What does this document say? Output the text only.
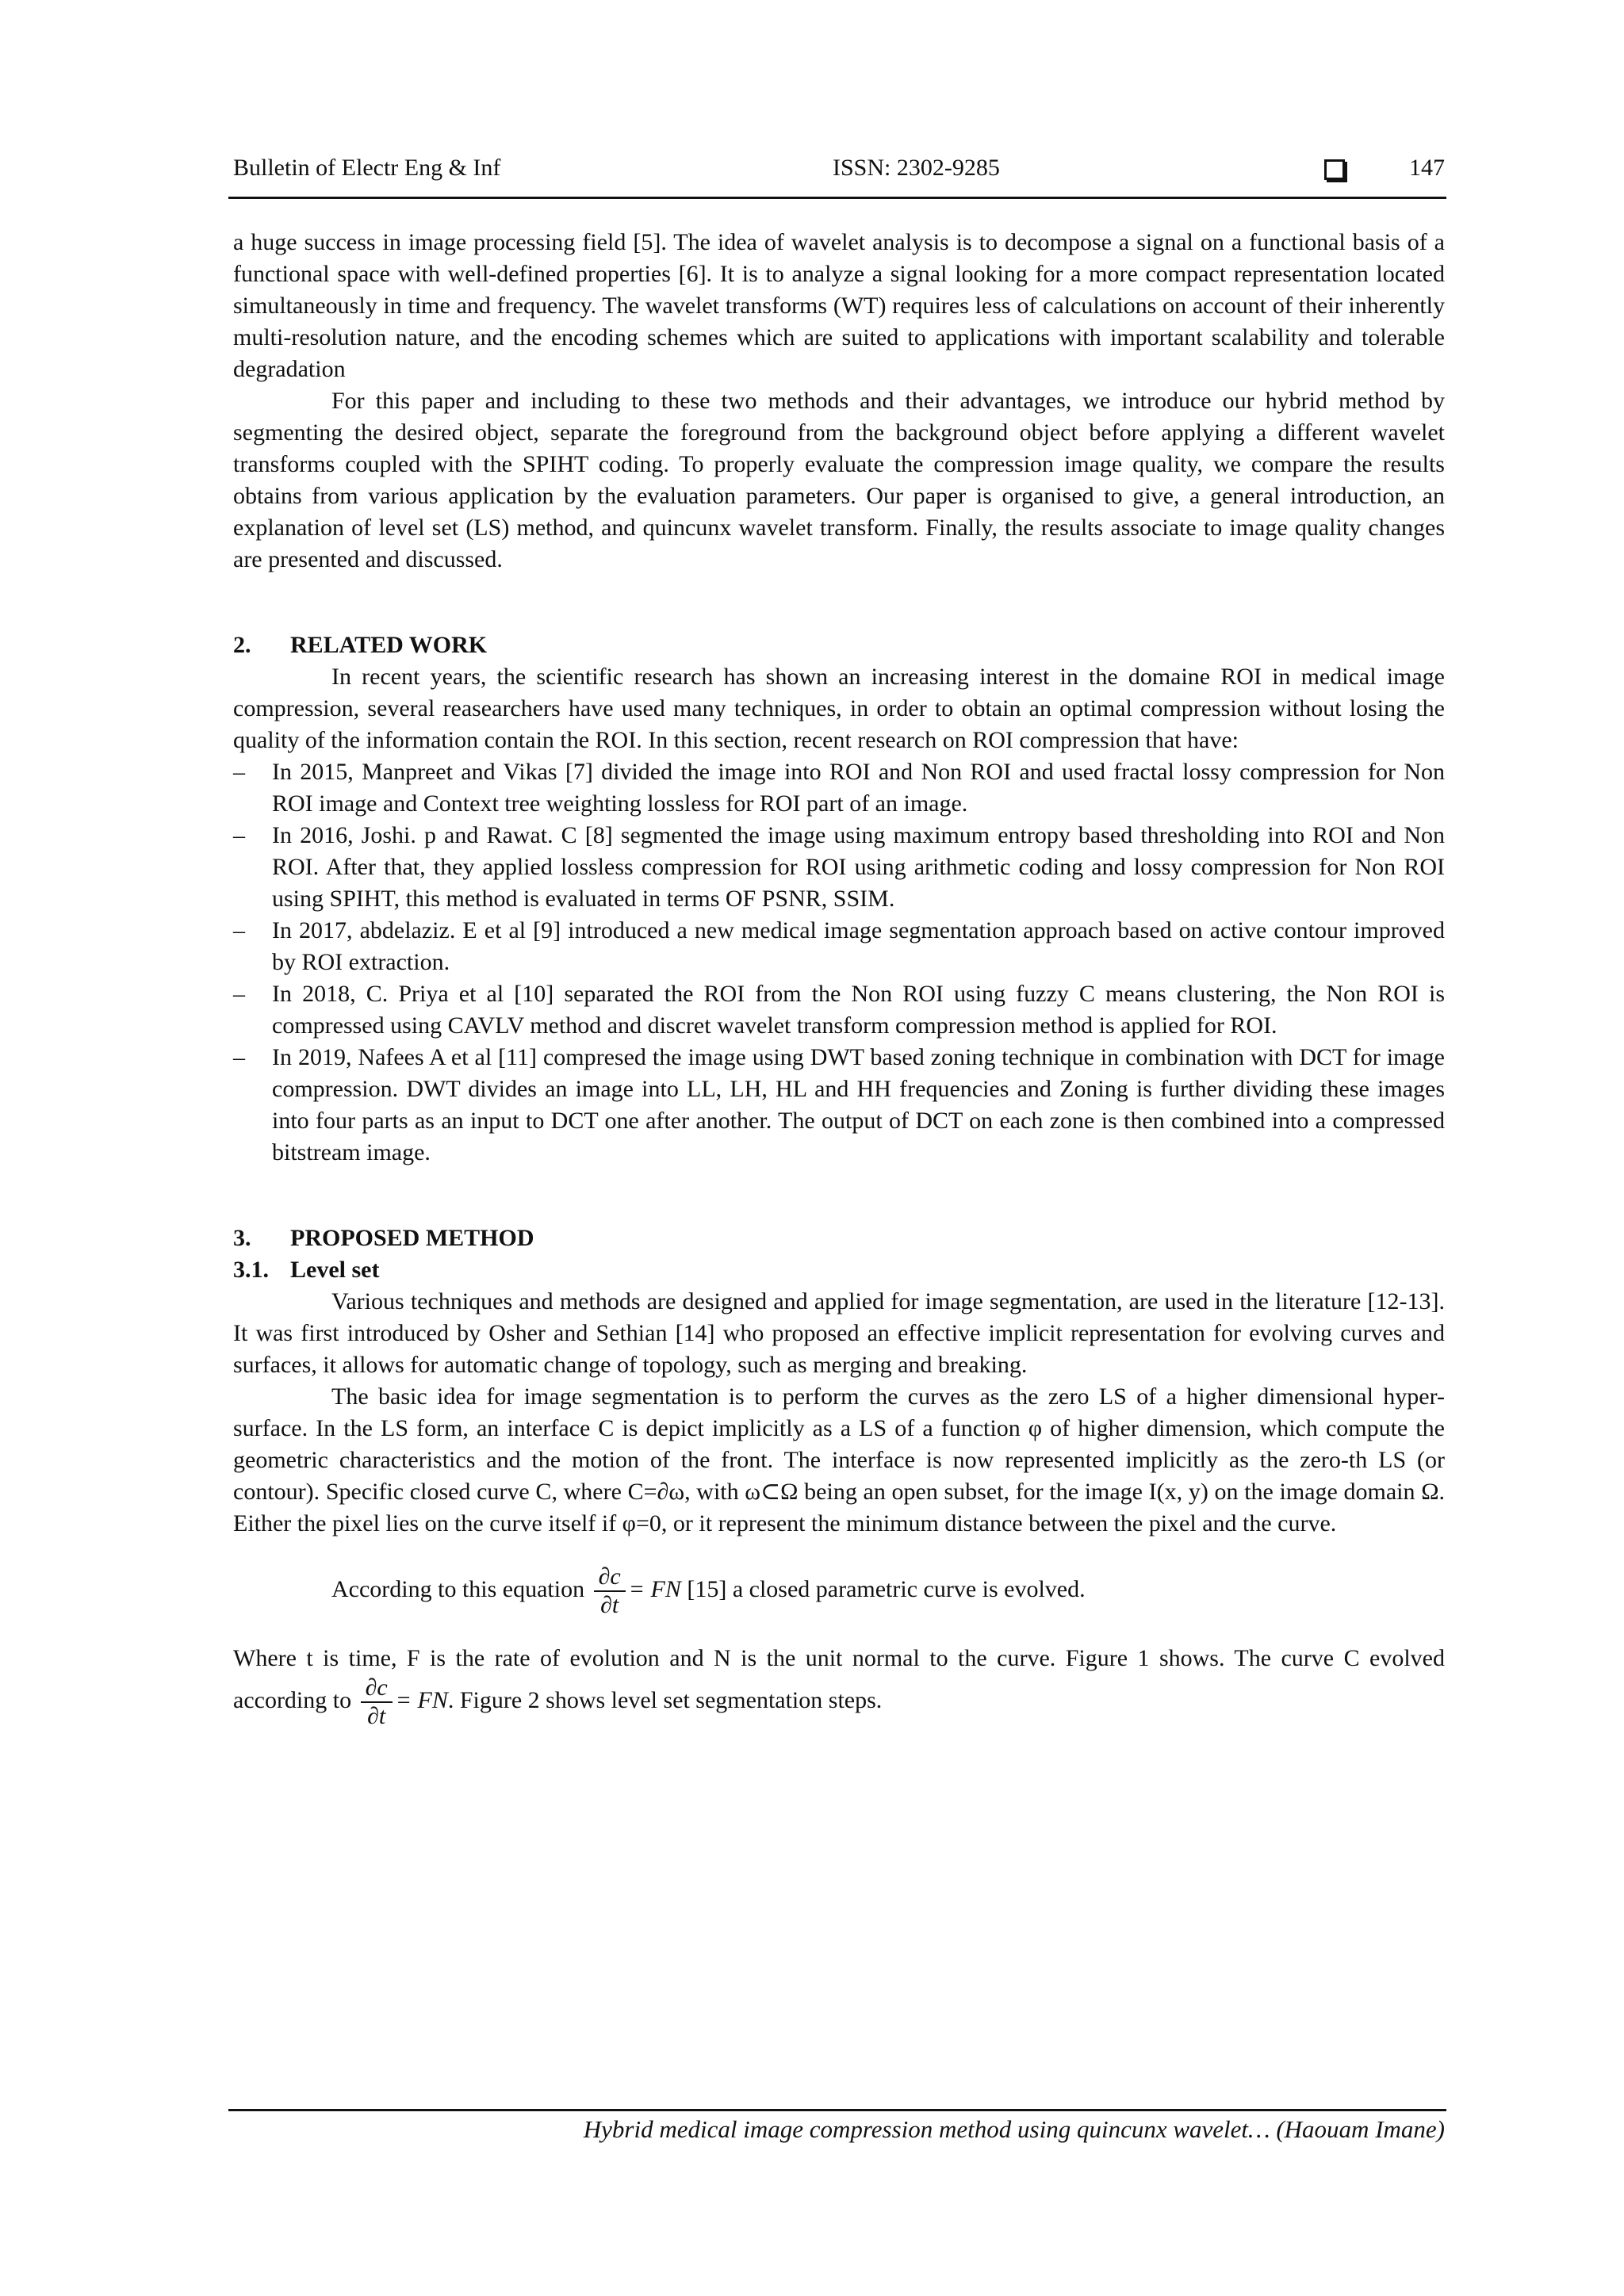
Bulletin of Electr Eng & Inf	ISSN: 2302-9285	147

a huge success in image processing field [5]. The idea of wavelet analysis is to decompose a signal on a functional basis of a functional space with well-defined properties [6]. It is to analyze a signal looking for a more compact representation located simultaneously in time and frequency. The wavelet transforms (WT) requires less of calculations on account of their inherently multi-resolution nature, and the encoding schemes which are suited to applications with important scalability and tolerable degradation

For this paper and including to these two methods and their advantages, we introduce our hybrid method by segmenting the desired object, separate the foreground from the background object before applying a different wavelet transforms coupled with the SPIHT coding. To properly evaluate the compression image quality, we compare the results obtains from various application by the evaluation parameters. Our paper is organised to give, a general introduction, an explanation of level set (LS) method, and quincunx wavelet transform. Finally, the results associate to image quality changes are presented and discussed.

2. RELATED WORK

In recent years, the scientific research has shown an increasing interest in the domaine ROI in medical image compression, several reasearchers have used many techniques, in order to obtain an optimal compression without losing the quality of the information contain the ROI. In this section, recent research on ROI compression that have:

– In 2015, Manpreet and Vikas [7] divided the image into ROI and Non ROI and used fractal lossy compression for Non ROI image and Context tree weighting lossless for ROI part of an image.
– In 2016, Joshi. p and Rawat. C [8] segmented the image using maximum entropy based thresholding into ROI and Non ROI. After that, they applied lossless compression for ROI using arithmetic coding and lossy compression for Non ROI using SPIHT, this method is evaluated in terms OF PSNR, SSIM.
– In 2017, abdelaziz. E et al [9] introduced a new medical image segmentation approach based on active contour improved by ROI extraction.
– In 2018, C. Priya et al [10] separated the ROI from the Non ROI using fuzzy C means clustering, the Non ROI is compressed using CAVLV method and discret wavelet transform compression method is applied for ROI.
– In 2019, Nafees A et al [11] compresed the image using DWT based zoning technique in combination with DCT for image compression. DWT divides an image into LL, LH, HL and HH frequencies and Zoning is further dividing these images into four parts as an input to DCT one after another. The output of DCT on each zone is then combined into a compressed bitstream image.

3. PROPOSED METHOD

3.1. Level set

Various techniques and methods are designed and applied for image segmentation, are used in the literature [12-13]. It was first introduced by Osher and Sethian [14] who proposed an effective implicit representation for evolving curves and surfaces, it allows for automatic change of topology, such as merging and breaking.

The basic idea for image segmentation is to perform the curves as the zero LS of a higher dimensional hyper-surface. In the LS form, an interface C is depict implicitly as a LS of a function φ of higher dimension, which compute the geometric characteristics and the motion of the front. The interface is now represented implicitly as the zero-th LS (or contour). Specific closed curve C, where C=∂ω, with ω⊂Ω being an open subset, for the image I(x, y) on the image domain Ω. Either the pixel lies on the curve itself if φ=0, or it represent the minimum distance between the pixel and the curve.

According to this equation $\frac{\partial c}{\partial t}$ = FN [15] a closed parametric curve is evolved.

Where t is time, F is the rate of evolution and N is the unit normal to the curve. Figure 1 shows. The curve C evolved according to $\frac{\partial c}{\partial t}$ = FN. Figure 2 shows level set segmentation steps.

Hybrid medical image compression method using quincunx wavelet… (Haouam Imane)
